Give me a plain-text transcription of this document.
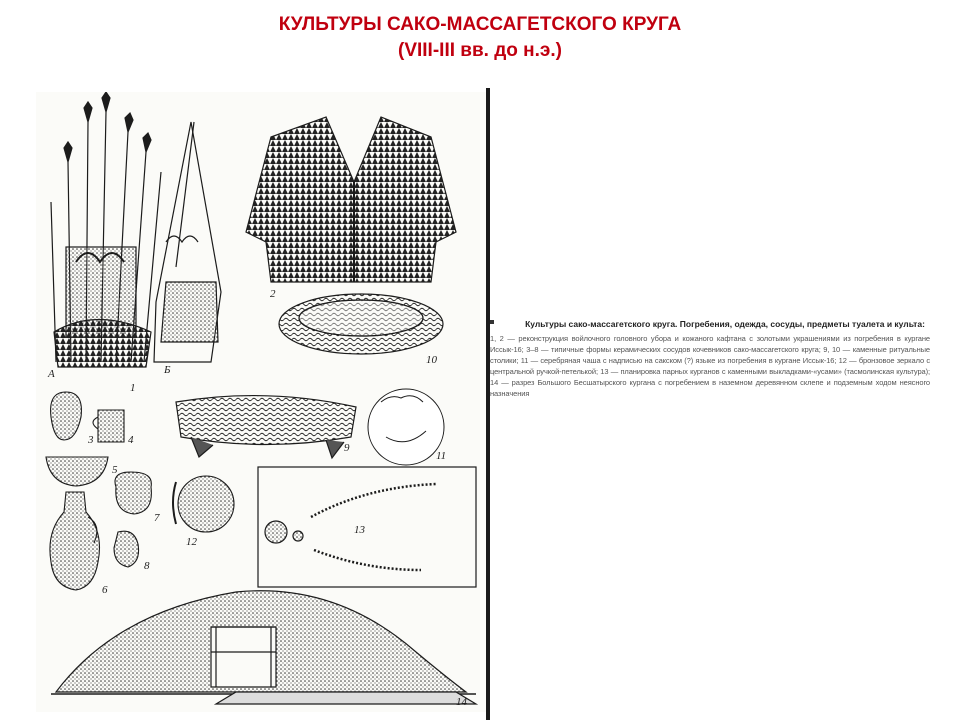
КУЛЬТУРЫ САКО-МАССАГЕТСКОГО КРУГА
(VIII-III вв. до н.э.)
А	Б
1
2
3	4
5
6
7
8
9
10
11
12
13
14
Культуры сако-массагетского круга. Погребения, одежда, сосуды, предметы туалета и культа:
1, 2 — реконструкция войлочного головного убора и кожаного кафтана с золотыми украшениями из погребения в кургане Иссык-16; 3–8 — типичные формы керамических сосудов кочевников сако-массагетского круга; 9, 10 — каменные ритуальные столики; 11 — серебряная чаша с надписью на сакском (?) языке из погребения в кургане Иссык-16; 12 — бронзовое зеркало с центральной ручкой-петелькой; 13 — планировка парных курганов с каменными выкладками-«усами» (тасмолинская культура); 14 — разрез Большого Бесшатырского кургана с погребением в наземном деревянном склепе и подземным ходом неясного назначения
